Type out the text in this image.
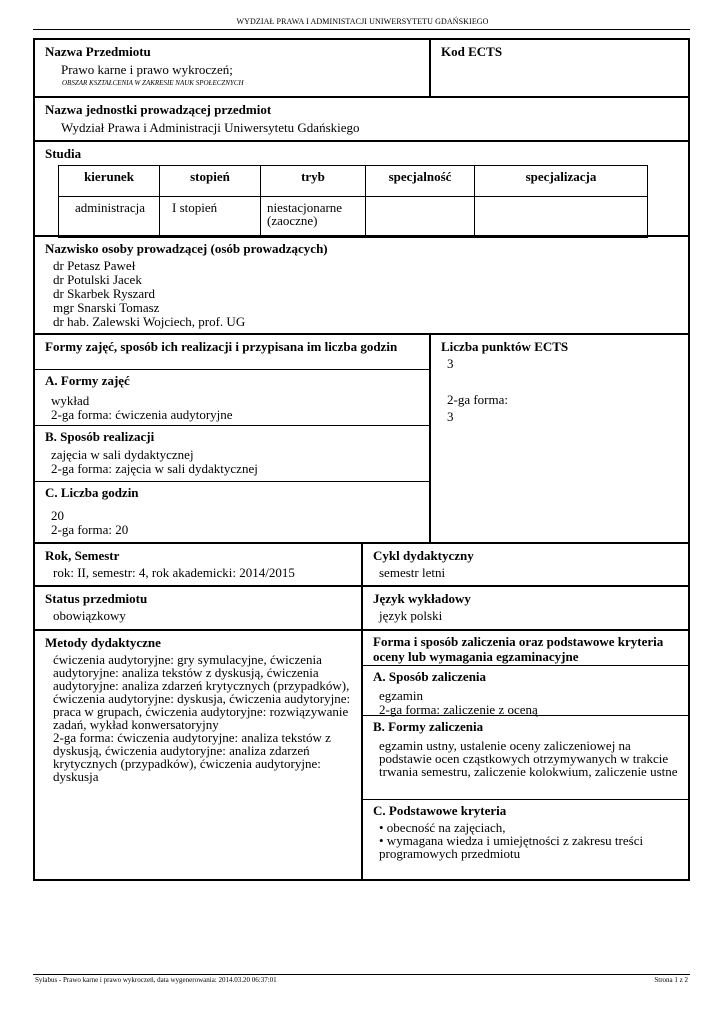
WYDZIAŁ PRAWA I ADMINISTACJI UNIWERSYTETU GDAŃSKIEGO
Nazwa Przedmiotu
Prawo karne i prawo wykroczeń;
OBSZAR KSZTAŁCENIA W ZAKRESIE NAUK SPOŁECZNYCH
Kod ECTS
Nazwa jednostki prowadzącej przedmiot
Wydział Prawa i Administracji Uniwersytetu Gdańskiego
Studia
kierunek	stopień	tryb	specjalność	specjalizacja
administracja	I stopień	niestacjonarne (zaoczne)		
Nazwisko osoby prowadzącej (osób prowadzących)
dr Petasz Paweł
dr Potulski Jacek
dr Skarbek Ryszard
mgr Snarski Tomasz
dr hab. Zalewski Wojciech, prof. UG
Formy zajęć, sposób ich realizacji i przypisana im liczba godzin
A. Formy zajęć
wykład
2-ga forma: ćwiczenia audytoryjne
B. Sposób realizacji
zajęcia w sali dydaktycznej
2-ga forma: zajęcia w sali dydaktycznej
C. Liczba godzin
20
2-ga forma: 20
Liczba punktów ECTS
3
2-ga forma:
3
Rok, Semestr
rok: II, semestr: 4, rok akademicki: 2014/2015
Cykl dydaktyczny
semestr letni
Status przedmiotu
obowiązkowy
Język wykładowy
język polski
Metody dydaktyczne
ćwiczenia audytoryjne: gry symulacyjne, ćwiczenia audytoryjne: analiza tekstów z dyskusją, ćwiczenia audytoryjne: analiza zdarzeń krytycznych (przypadków), ćwiczenia audytoryjne: dyskusja, ćwiczenia audytoryjne: praca w grupach, ćwiczenia audytoryjne: rozwiązywanie zadań, wykład konwersatoryjny
2-ga forma: ćwiczenia audytoryjne: analiza tekstów z dyskusją, ćwiczenia audytoryjne: analiza zdarzeń krytycznych (przypadków), ćwiczenia audytoryjne: dyskusja
Forma i sposób zaliczenia oraz podstawowe kryteria oceny lub wymagania egzaminacyjne
A. Sposób zaliczenia
egzamin
2-ga forma: zaliczenie z oceną
B. Formy zaliczenia
egzamin ustny, ustalenie oceny zaliczeniowej na podstawie ocen cząstkowych otrzymywanych w trakcie trwania semestru, zaliczenie kolokwium, zaliczenie ustne
C. Podstawowe kryteria
• obecność na zajęciach,
• wymagana wiedza i umiejętności z zakresu treści programowych przedmiotu
Sylabus - Prawo karne i prawo wykroczeń, data wygenerowania: 2014.03.20 06:37:01	Strona 1 z 2
